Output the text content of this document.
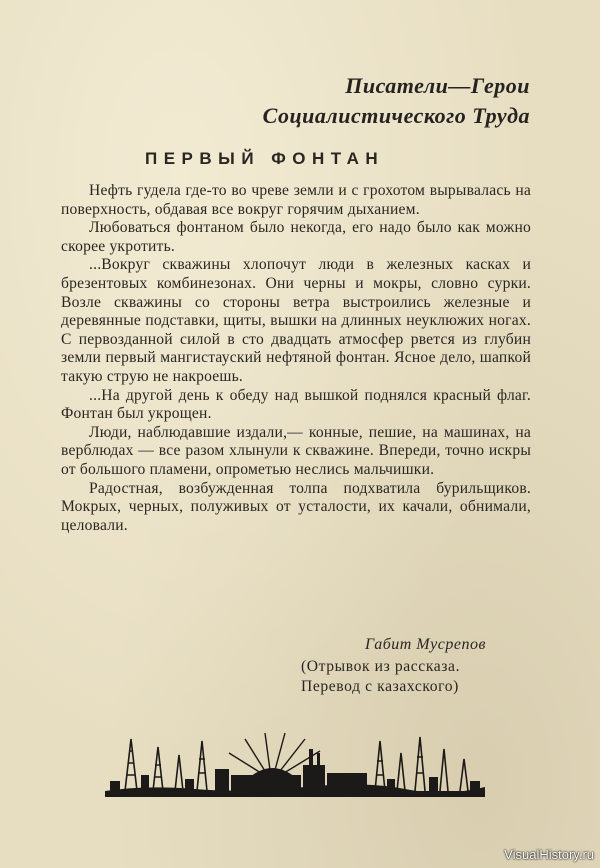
Писатели—Герои
Социалистического Труда
ПЕРВЫЙ ФОНТАН

Нефть гудела где-то во чреве земли и с грохотом вырывалась на поверхность, обдавая все вокруг горячим дыханием.

Любоваться фонтаном было некогда, его надо было как можно скорее укротить.

...Вокруг скважины хлопочут люди в железных касках и брезентовых комбинезонах. Они черны и мокры, словно сурки. Возле скважины со стороны ветра выстроились железные и деревянные подставки, щиты, вышки на длинных неуклюжих ногах. С первозданной силой в сто двадцать атмосфер рвется из глубин земли первый мангистауский нефтяной фонтан. Ясное дело, шапкой такую струю не накроешь.

...На другой день к обеду над вышкой поднялся красный флаг. Фонтан был укрощен.

Люди, наблюдавшие издали,— конные, пешие, на машинах, на верблюдах — все разом хлынули к скважине. Впереди, точно искры от большого пламени, опрометью неслись мальчишки.

Радостная, возбужденная толпа подхватила бурильщиков. Мокрых, черных, полуживых от усталости, их качали, обнимали, целовали.

Габит Мусрепов
(Отрывок из рассказа.
Перевод с казахского)
VisualHistory.ru
